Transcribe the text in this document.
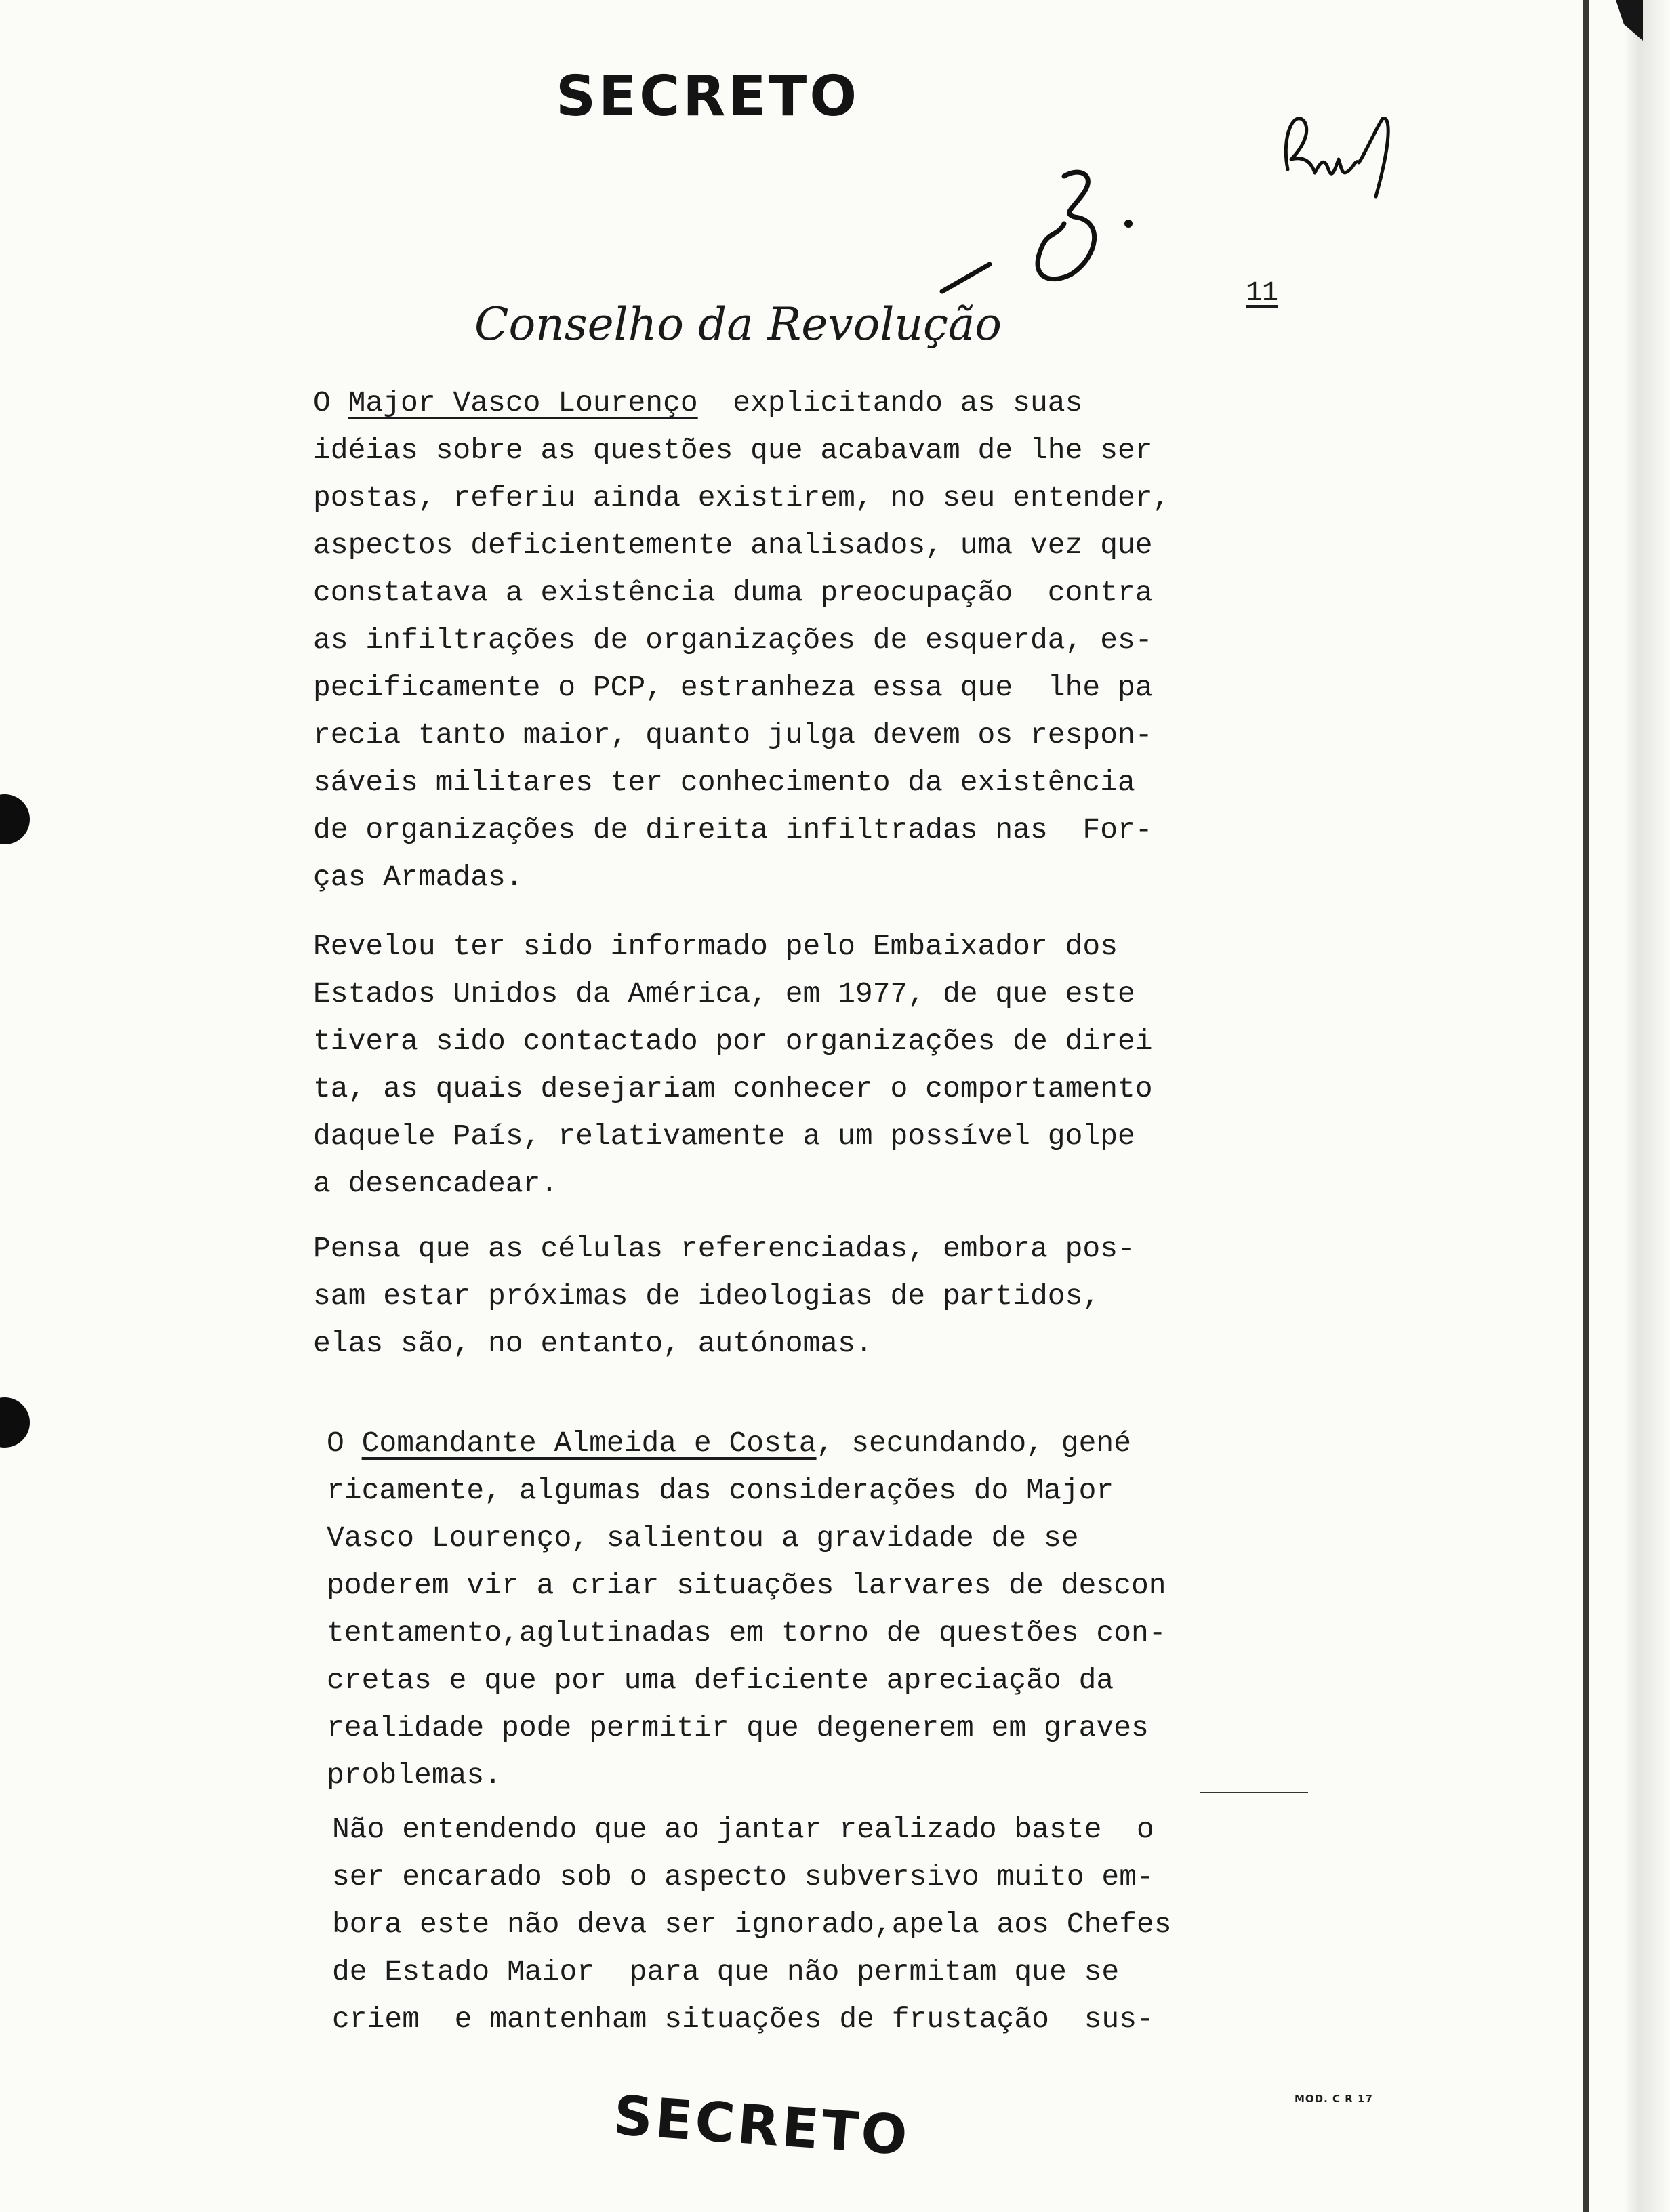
SECRETO
11
Conselho da Revolução
O Major Vasco Lourenço  explicitando as suas
idéias sobre as questões que acabavam de lhe ser
postas, referiu ainda existirem, no seu entender,
aspectos deficientemente analisados, uma vez que
constatava a existência duma preocupação  contra
as infiltrações de organizações de esquerda, es-
pecificamente o PCP, estranheza essa que  lhe pa
recia tanto maior, quanto julga devem os respon-
sáveis militares ter conhecimento da existência
de organizações de direita infiltradas nas  For-
ças Armadas.
Revelou ter sido informado pelo Embaixador dos
Estados Unidos da América, em 1977, de que este
tivera sido contactado por organizações de direi
ta, as quais desejariam conhecer o comportamento
daquele País, relativamente a um possível golpe
a desencadear.
Pensa que as células referenciadas, embora pos-
sam estar próximas de ideologias de partidos,
elas são, no entanto, autónomas.
O Comandante Almeida e Costa, secundando, gené
ricamente, algumas das considerações do Major
Vasco Lourenço, salientou a gravidade de se
poderem vir a criar situações larvares de descon
tentamento,aglutinadas em torno de questões con-
cretas e que por uma deficiente apreciação da
realidade pode permitir que degenerem em graves
problemas.
Não entendendo que ao jantar realizado baste  o
ser encarado sob o aspecto subversivo muito em-
bora este não deva ser ignorado,apela aos Chefes
de Estado Maior  para que não permitam que se
criem  e mantenham situações de frustação  sus-
MOD. C R 17
SECRETO
